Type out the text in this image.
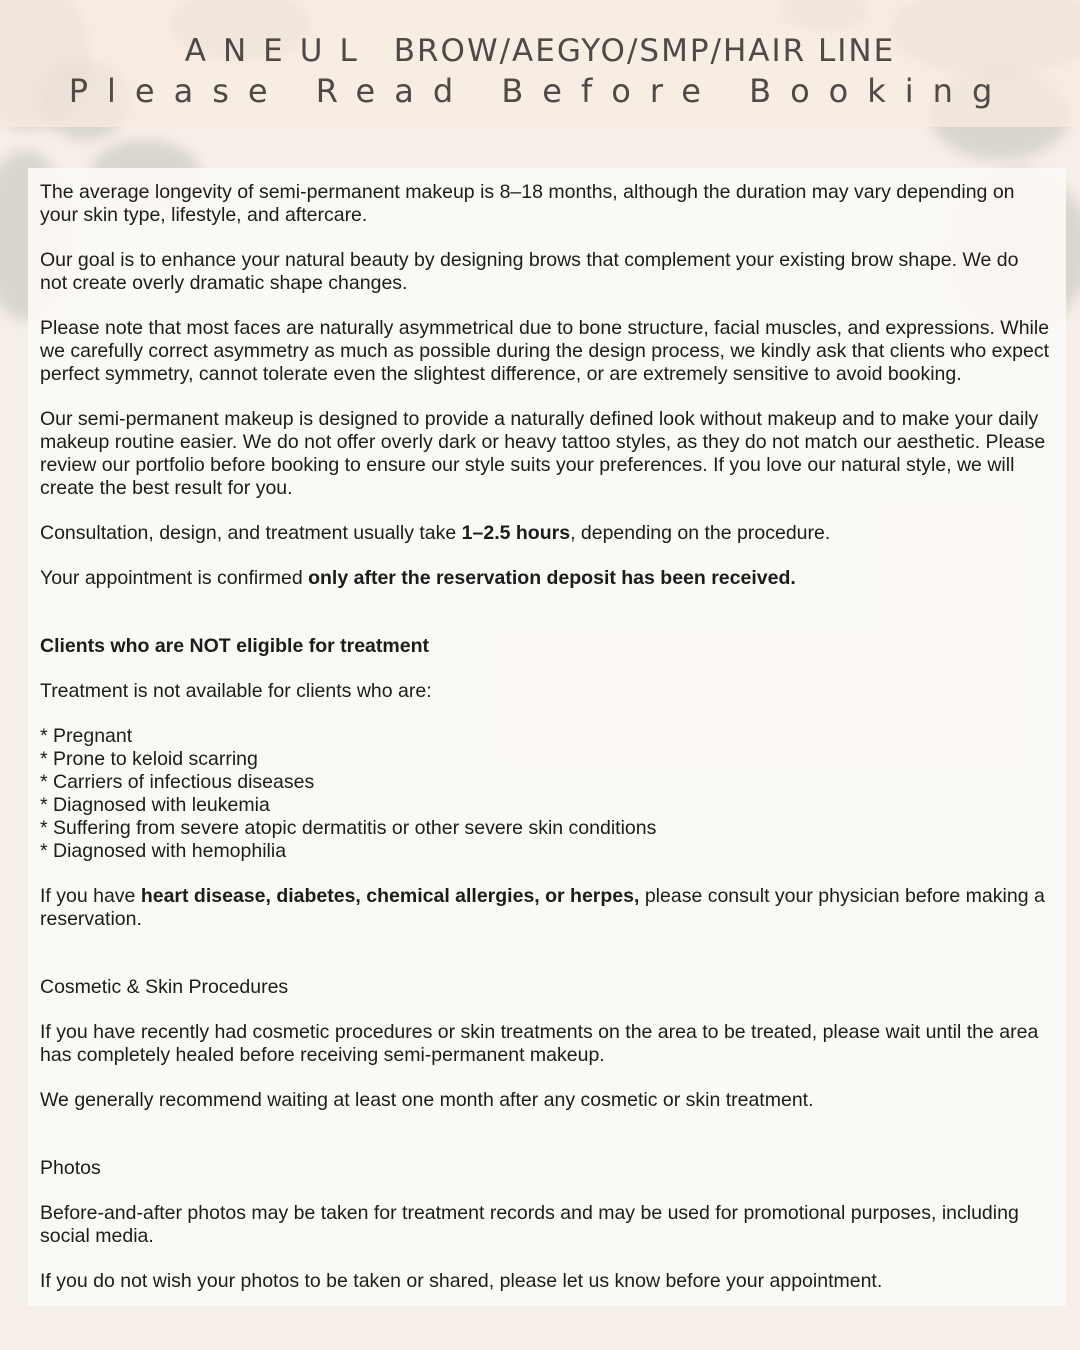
ANEUL BROW/AEGYO/SMP/HAIR LINE
Please Read Before Booking

The average longevity of semi-permanent makeup is 8–18 months, although the duration may vary depending on your skin type, lifestyle, and aftercare.

Our goal is to enhance your natural beauty by designing brows that complement your existing brow shape. We do not create overly dramatic shape changes.

Please note that most faces are naturally asymmetrical due to bone structure, facial muscles, and expressions. While we carefully correct asymmetry as much as possible during the design process, we kindly ask that clients who expect perfect symmetry, cannot tolerate even the slightest difference, or are extremely sensitive to avoid booking.

Our semi-permanent makeup is designed to provide a naturally defined look without makeup and to make your daily makeup routine easier. We do not offer overly dark or heavy tattoo styles, as they do not match our aesthetic. Please review our portfolio before booking to ensure our style suits your preferences. If you love our natural style, we will create the best result for you.

Consultation, design, and treatment usually take 1–2.5 hours, depending on the procedure.

Your appointment is confirmed only after the reservation deposit has been received.

Clients who are NOT eligible for treatment

Treatment is not available for clients who are:

* Pregnant
* Prone to keloid scarring
* Carriers of infectious diseases
* Diagnosed with leukemia
* Suffering from severe atopic dermatitis or other severe skin conditions
* Diagnosed with hemophilia

If you have heart disease, diabetes, chemical allergies, or herpes, please consult your physician before making a reservation.

Cosmetic & Skin Procedures

If you have recently had cosmetic procedures or skin treatments on the area to be treated, please wait until the area has completely healed before receiving semi-permanent makeup.

We generally recommend waiting at least one month after any cosmetic or skin treatment.

Photos

Before-and-after photos may be taken for treatment records and may be used for promotional purposes, including social media.

If you do not wish your photos to be taken or shared, please let us know before your appointment.
